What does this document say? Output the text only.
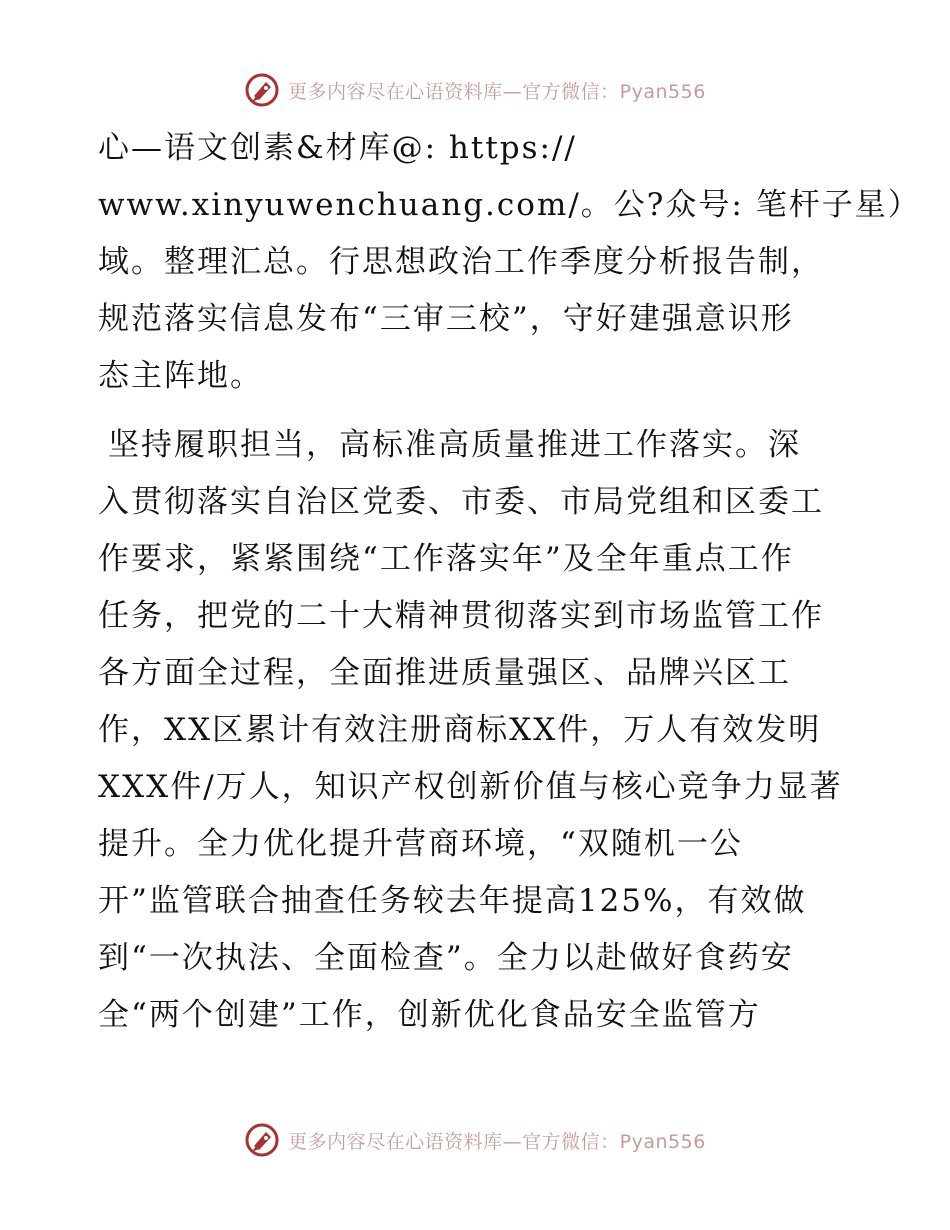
更多内容尽在心语资料库—官方微信：Pyan556
心—语文创素&材库@: https://
www.xinyuwenchuang.com/。公?众号: 笔杆子星）
域。整理汇总。行思想政治工作季度分析报告制，
规范落实信息发布“三审三校”，守好建强意识形
态主阵地。
坚持履职担当，高标准高质量推进工作落实。深
入贯彻落实自治区党委、市委、市局党组和区委工
作要求，紧紧围绕“工作落实年”及全年重点工作
任务，把党的二十大精神贯彻落实到市场监管工作
各方面全过程，全面推进质量强区、品牌兴区工
作，XX区累计有效注册商标XX件，万人有效发明
XXX件/万人，知识产权创新价值与核心竞争力显著
提升。全力优化提升营商环境，“双随机一公
开”监管联合抽查任务较去年提高125%，有效做
到“一次执法、全面检查”。全力以赴做好食药安
全“两个创建”工作，创新优化食品安全监管方
更多内容尽在心语资料库—官方微信：Pyan556
